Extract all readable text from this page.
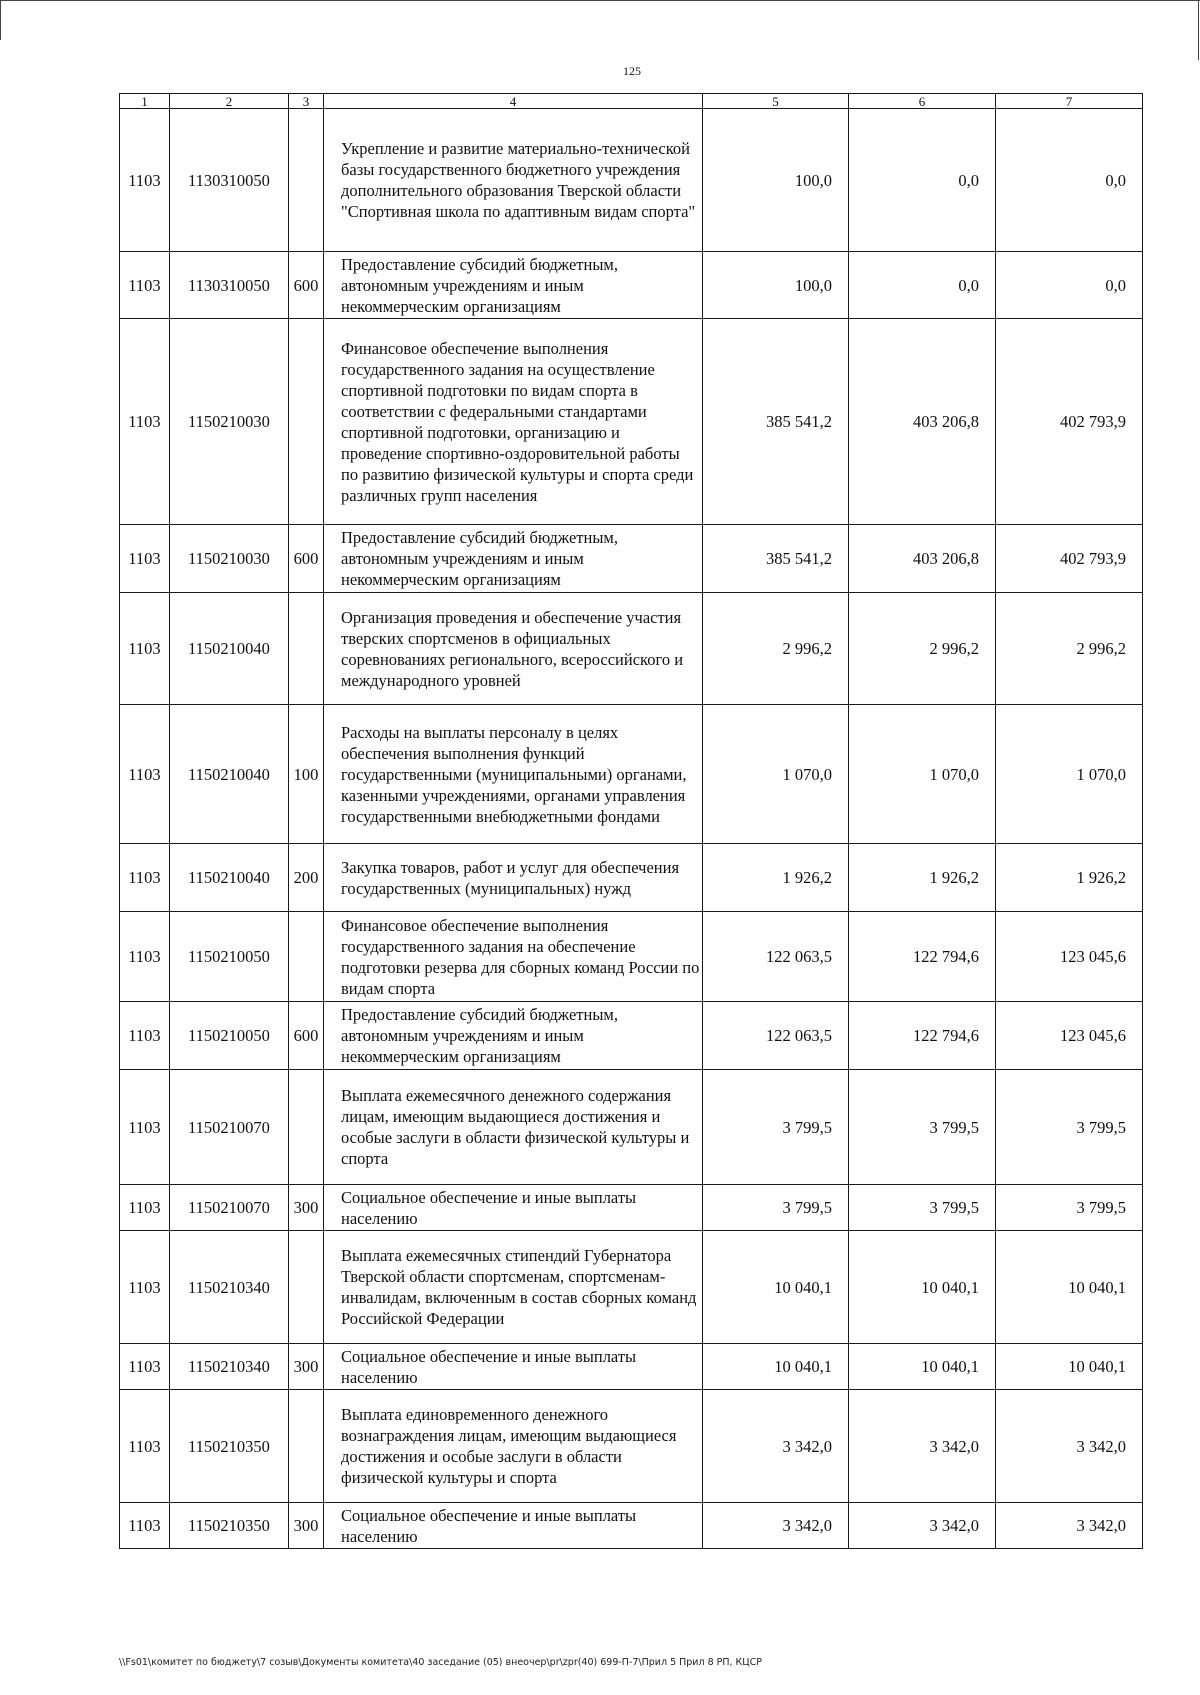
125
1	2	3	4	5	6	7
1103	1130310050		Укрепление и развитие материально-технической базы государственного бюджетного учреждения дополнительного образования Тверской области "Спортивная школа по адаптивным видам спорта"	100,0	0,0	0,0
1103	1130310050	600	Предоставление субсидий бюджетным, автономным учреждениям и иным некоммерческим организациям	100,0	0,0	0,0
1103	1150210030		Финансовое обеспечение выполнения государственного задания на осуществление спортивной подготовки по видам спорта в соответствии с федеральными стандартами спортивной подготовки, организацию и проведение спортивно-оздоровительной работы по развитию физической культуры и спорта среди различных групп населения	385 541,2	403 206,8	402 793,9
1103	1150210030	600	Предоставление субсидий бюджетным, автономным учреждениям и иным некоммерческим организациям	385 541,2	403 206,8	402 793,9
1103	1150210040		Организация проведения и обеспечение участия тверских спортсменов в официальных соревнованиях регионального, всероссийского и международного уровней	2 996,2	2 996,2	2 996,2
1103	1150210040	100	Расходы на выплаты персоналу в целях обеспечения выполнения функций государственными (муниципальными) органами, казенными учреждениями, органами управления государственными внебюджетными фондами	1 070,0	1 070,0	1 070,0
1103	1150210040	200	Закупка товаров, работ и услуг для обеспечения государственных (муниципальных) нужд	1 926,2	1 926,2	1 926,2
1103	1150210050		Финансовое обеспечение выполнения государственного задания на обеспечение подготовки резерва для сборных команд России по видам спорта	122 063,5	122 794,6	123 045,6
1103	1150210050	600	Предоставление субсидий бюджетным, автономным учреждениям и иным некоммерческим организациям	122 063,5	122 794,6	123 045,6
1103	1150210070		Выплата ежемесячного денежного содержания лицам, имеющим выдающиеся достижения и особые заслуги в области физической культуры и спорта	3 799,5	3 799,5	3 799,5
1103	1150210070	300	Социальное обеспечение и иные выплаты населению	3 799,5	3 799,5	3 799,5
1103	1150210340		Выплата ежемесячных стипендий Губернатора Тверской области спортсменам, спортсменам-инвалидам, включенным в состав сборных команд Российской Федерации	10 040,1	10 040,1	10 040,1
1103	1150210340	300	Социальное обеспечение и иные выплаты населению	10 040,1	10 040,1	10 040,1
1103	1150210350		Выплата единовременного денежного вознаграждения лицам, имеющим выдающиеся достижения и особые заслуги в области физической культуры и спорта	3 342,0	3 342,0	3 342,0
1103	1150210350	300	Социальное обеспечение и иные выплаты населению	3 342,0	3 342,0	3 342,0
\\Fs01\комитет по бюджету\7 созыв\Документы комитета\40 заседание (05) внеочер\pr\zpr(40) 699-П-7\Прил 5 Прил 8 РП, КЦСР
